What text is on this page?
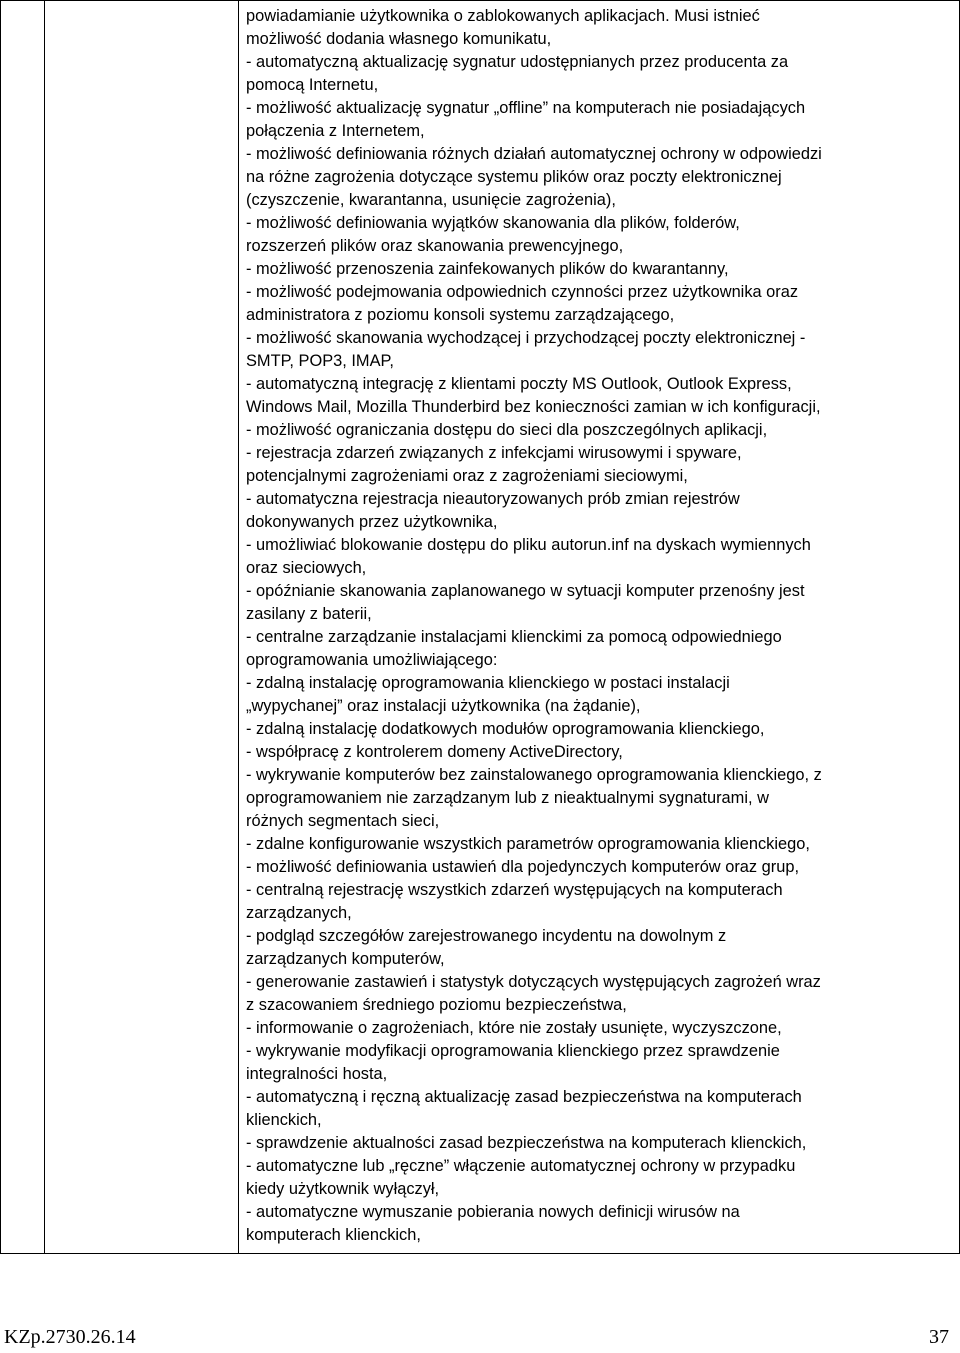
powiadamianie użytkownika o zablokowanych aplikacjach. Musi istnieć
możliwość dodania własnego komunikatu,
- automatyczną aktualizację sygnatur udostępnianych przez producenta za
pomocą Internetu,
- możliwość aktualizację sygnatur „offline” na komputerach nie posiadających
połączenia z Internetem,
- możliwość definiowania różnych działań automatycznej ochrony w odpowiedzi
na różne zagrożenia dotyczące systemu plików oraz poczty elektronicznej
(czyszczenie, kwarantanna, usunięcie zagrożenia),
- możliwość definiowania wyjątków skanowania dla plików, folderów,
rozszerzeń plików oraz skanowania prewencyjnego,
- możliwość przenoszenia zainfekowanych plików do kwarantanny,
- możliwość podejmowania odpowiednich czynności przez użytkownika oraz
administratora z poziomu konsoli systemu zarządzającego,
- możliwość skanowania wychodzącej i przychodzącej poczty elektronicznej -
SMTP, POP3, IMAP,
- automatyczną integrację z klientami poczty MS Outlook, Outlook Express,
Windows Mail, Mozilla Thunderbird bez konieczności zamian w ich konfiguracji,
- możliwość ograniczania dostępu do sieci dla poszczególnych aplikacji,
- rejestracja zdarzeń związanych z infekcjami wirusowymi i spyware,
potencjalnymi zagrożeniami oraz z zagrożeniami sieciowymi,
- automatyczna rejestracja nieautoryzowanych prób zmian rejestrów
dokonywanych przez użytkownika,
- umożliwiać blokowanie dostępu do pliku autorun.inf na dyskach wymiennych
oraz sieciowych,
- opóźnianie skanowania zaplanowanego w sytuacji komputer przenośny jest
zasilany z baterii,
- centralne zarządzanie instalacjami klienckimi za pomocą odpowiedniego
oprogramowania umożliwiającego:
- zdalną instalację oprogramowania klienckiego w postaci instalacji
„wypychanej” oraz instalacji użytkownika (na żądanie),
- zdalną instalację dodatkowych modułów oprogramowania klienckiego,
- współpracę z kontrolerem domeny ActiveDirectory,
- wykrywanie komputerów bez zainstalowanego oprogramowania klienckiego, z
oprogramowaniem nie zarządzanym lub z nieaktualnymi sygnaturami, w
różnych segmentach sieci,
- zdalne konfigurowanie wszystkich parametrów oprogramowania klienckiego,
- możliwość definiowania ustawień dla pojedynczych komputerów oraz grup,
- centralną rejestrację wszystkich zdarzeń występujących na komputerach
zarządzanych,
- podgląd szczegółów zarejestrowanego incydentu na dowolnym z
zarządzanych komputerów,
- generowanie zastawień i statystyk dotyczących występujących zagrożeń wraz
z szacowaniem średniego poziomu bezpieczeństwa,
- informowanie o zagrożeniach, które nie zostały usunięte, wyczyszczone,
- wykrywanie modyfikacji oprogramowania klienckiego przez sprawdzenie
integralności hosta,
- automatyczną i ręczną aktualizację zasad bezpieczeństwa na komputerach
klienckich,
- sprawdzenie aktualności zasad bezpieczeństwa na komputerach klienckich,
- automatyczne lub „ręczne” włączenie automatycznej ochrony w przypadku
kiedy użytkownik wyłączył,
- automatyczne wymuszanie pobierania nowych definicji wirusów na
komputerach klienckich,
KZp.2730.26.14	37
